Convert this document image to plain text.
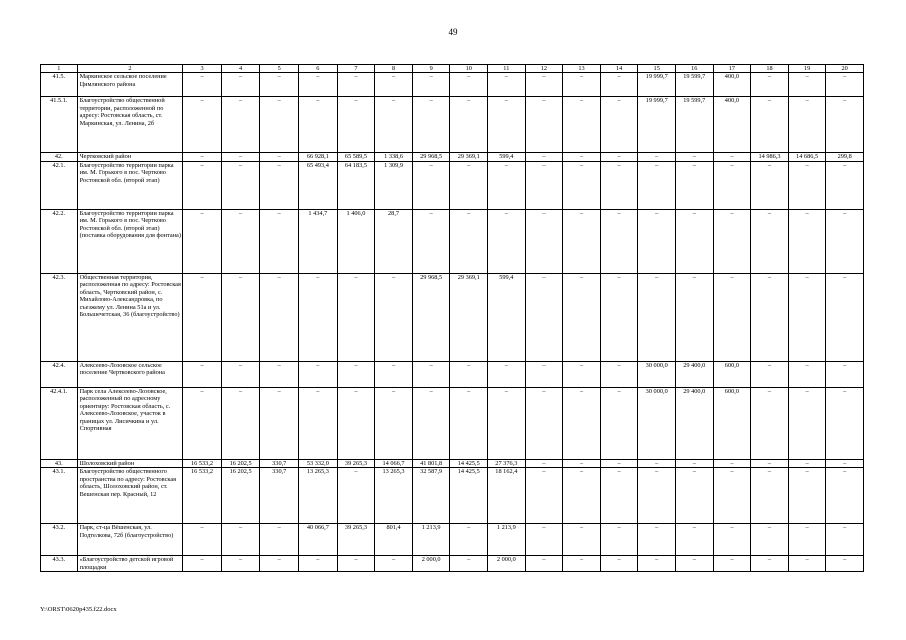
49
1	2	3	4	5	6	7	8	9	10	11	12	13	14	15	16	17	18	19	20
41.5.	Маркинское сельское поселение Цимлянского района	–	–	–	–	–	–	–	–	–	–	–	–	19 999,7	19 599,7	400,0	–	–	–
41.5.1.	Благоустройство общественной территории, расположенной по адресу: Ростовская область, ст. Маркинская, ул. Ленина, 2б	–	–	–	–	–	–	–	–	–	–	–	–	19 999,7	19 599,7	400,0	–	–	–
42.	Чертковский район	–	–	–	66 928,1	65 589,5	1 338,6	29 968,5	29 369,1	599,4	–	–	–	–	–	–	14 986,3	14 686,5	299,8
42.1.	Благоустройство территории парка им. М. Горького в пос. Чертково Ростовской обл. (второй этап)	–	–	–	65 493,4	64 183,5	1 309,9	–	–	–	–	–	–	–	–	–	–	–	–
42.2.	Благоустройство территории парка им. М. Горького в пос. Чертково Ростовской обл. (второй этап) (поставка оборудования для фонтана)	–	–	–	1 434,7	1 406,0	28,7	–	–	–	–	–	–	–	–	–	–	–	–
42.3.	Общественная территория, расположенная по адресу: Ростовская область, Чертковский район, с. Михайлово-Александровка, по съезжему ул. Ленина 51а и ул. Большечетская, 36 (благоустройство)	–	–	–	–	–	–	29 968,5	29 369,1	599,4	–	–	–	–	–	–	–	–	–
42.4.	Алексеево-Лозовское сельское поселение Чертковского района	–	–	–	–	–	–	–	–	–	–	–	–	30 000,0	29 400,0	600,0	–	–	–
42.4.1.	Парк села Алексеево-Лозовское, расположенный по адресному ориентиру: Ростовская область, с. Алексеево-Лозовское, участок в границах ул. Лисичкина и ул. Спортивная	–	–	–	–	–	–	–	–	–	–	–	–	30 000,0	29 400,0	600,0	–	–	–
43.	Шолоховский район	16 533,2	16 202,5	330,7	53 332,0	39 265,3	14 066,7	41 801,8	14 425,5	27 376,3	–	–	–	–	–	–	–	–	–
43.1.	Благоустройство общественного пространства по адресу: Ростовская область, Шолоховский район, ст. Вешенская пер. Красный, 12	16 533,2	16 202,5	330,7	13 265,3	–	13 265,3	32 587,9	14 425,5	18 162,4	–	–	–	–	–	–	–	–	–
43.2.	Парк, ст-ца Вёшенская, ул. Подтелкова, 72б (благоустройство)	–	–	–	40 066,7	39 265,3	801,4	1 213,9	–	1 213,9	–	–	–	–	–	–	–	–	–
43.3.	«Благоустройство детской игровой площадки	–	–	–	–	–	–	2 000,0	–	2 000,0	–	–	–	–	–	–	–	–	–
Y:\ORST\0620p435.f22.docx
